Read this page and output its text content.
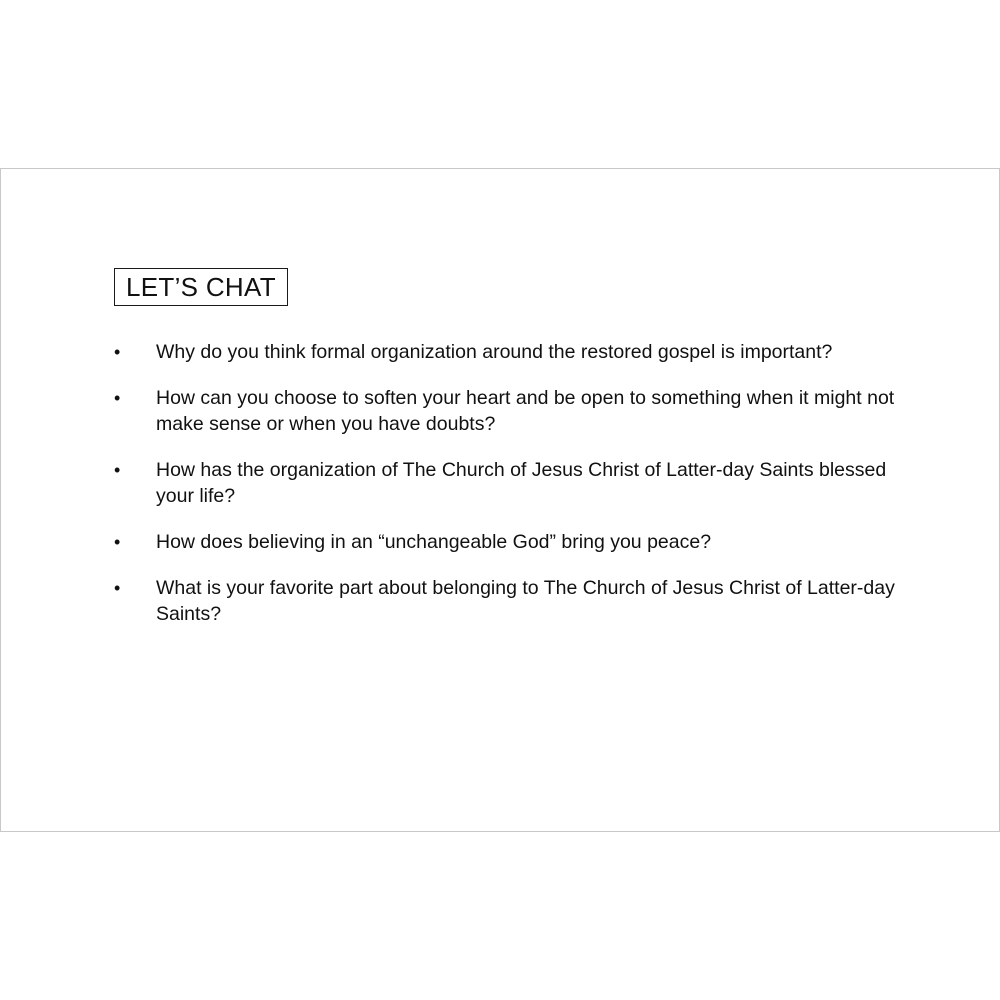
LET’S CHAT
• Why do you think formal organization around the restored gospel is important?
• How can you choose to soften your heart and be open to something when it might not make sense or when you have doubts?
• How has the organization of The Church of Jesus Christ of Latter-day Saints blessed your life?
• How does believing in an “unchangeable God” bring you peace?
• What is your favorite part about belonging to The Church of Jesus Christ of Latter-day Saints?
